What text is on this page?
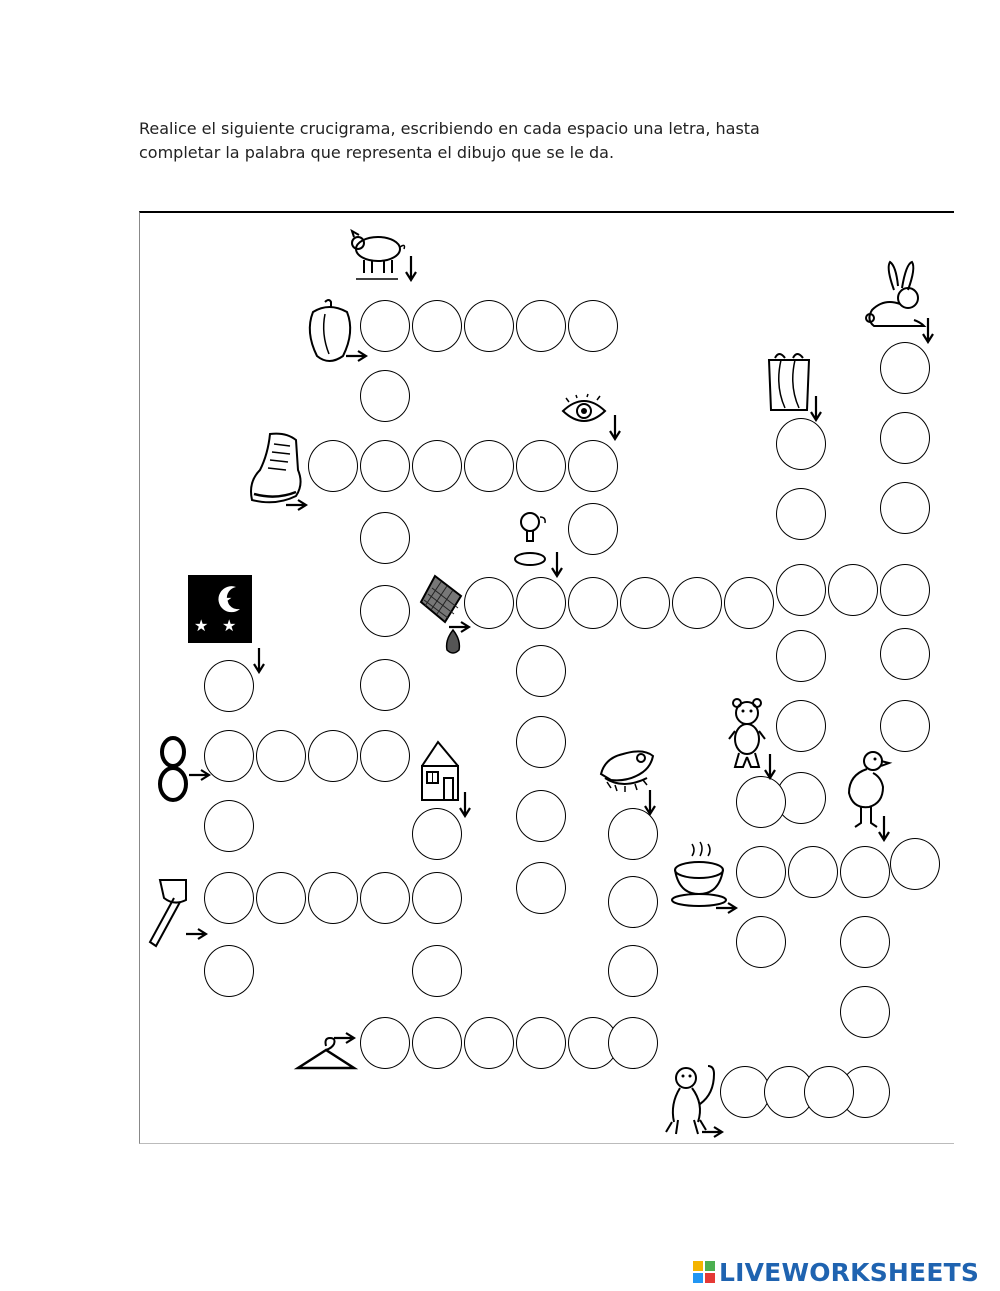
Realice el siguiente crucigrama, escribiendo en cada espacio una letra, hasta
completar la palabra que representa el dibujo que se le da.
★
★ ★
LIVEWORKSHEETS
